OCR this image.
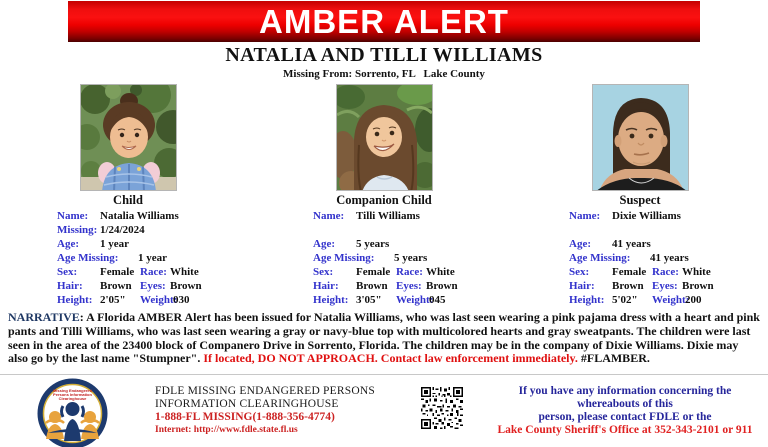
AMBER ALERT
NATALIA AND TILLI WILLIAMS
Missing From: Sorrento, FL   Lake County
Child
Name: Natalia Williams
Missing: 1/24/2024
Age: 1 year
Age Missing: 1 year
Sex: Female Race: White
Hair: Brown Eyes: Brown
Height: 2'05" Weight:030
Companion Child
Name: Tilli Williams
Age: 5 years
Age Missing: 5 years
Sex: Female Race: White
Hair: Brown Eyes: Brown
Height: 3'05" Weight:045
Suspect
Name: Dixie Williams
Age: 41 years
Age Missing: 41 years
Sex: Female Race: White
Hair: Brown Eyes: Brown
Height: 5'02" Weight:200
NARRATIVE: A Florida AMBER Alert has been issued for Natalia Williams, who was last seen wearing a pink pajama dress with a heart and pink pants and Tilli Williams, who was last seen wearing a gray or navy-blue top with multicolored hearts and gray sweatpants. The children were last seen in the area of the 23400 block of Companero Drive in Sorrento, Florida. The children may be in the company of Dixie Williams. Dixie may also go by the last name "Stumpner". If located, DO NOT APPROACH. Contact law enforcement immediately. #FLAMBER.
Missing Endangered Persons Information Clearinghouse
FDLE MISSING ENDANGERED PERSONS
INFORMATION CLEARINGHOUSE
1-888-FL MISSING(1-888-356-4774)
Internet: http://www.fdle.state.fl.us
If you have any information concerning the whereabouts of this
person, please contact FDLE or the
Lake County Sheriff's Office at 352-343-2101 or 911
